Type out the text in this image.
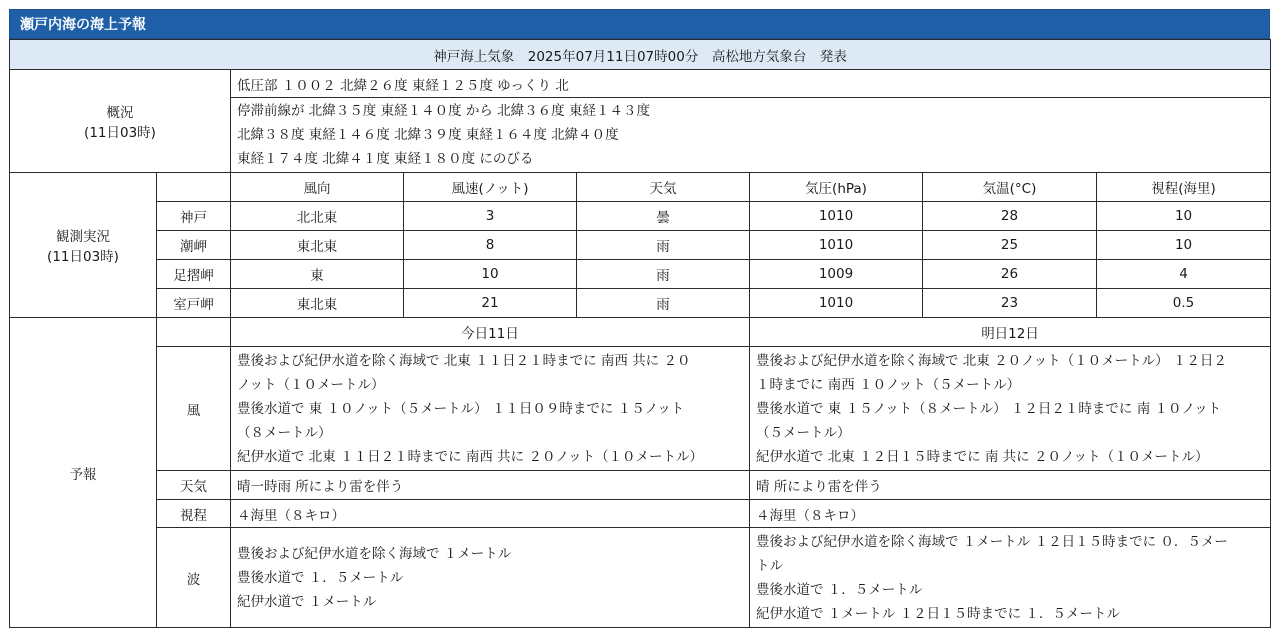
瀬戸内海の海上予報
神戸海上気象　2025年07月11日07時00分　高松地方気象台　発表							

概況
(11日03時)		低圧部 １００２ 北緯２６度 東経１２５度 ゆっくり 北					

		停滞前線が 北緯３５度 東経１４０度 から 北緯３６度 東経１４３度
北緯３８度 東経１４６度 北緯３９度 東経１６４度 北緯４０度
東経１７４度 北緯４１度 東経１８０度 にのびる					

観測実況
(11日03時)		風向	風速(ノット)	天気	気圧(hPa)	気温(°C)	視程(海里)
	神戸	北北東	3	曇	1010	28	10
	潮岬	東北東	8	雨	1010	25	10
	足摺岬	東	10	雨	1009	26	4
	室戸岬	東北東	21	雨	1010	23	0.5
予報		今日11日			明日12日		
	風	豊後および紀伊水道を除く海域で 北東 １１日２１時までに 南西 共に ２０
ノット（１０メートル）
豊後水道で 東 １０ノット（５メートル） １１日０９時までに １５ノット
（８メートル）
紀伊水道で 北東 １１日２１時までに 南西 共に ２０ノット（１０メートル）			豊後および紀伊水道を除く海域で 北東 ２０ノット（１０メートル） １２日２
１時までに 南西 １０ノット（５メートル）
豊後水道で 東 １５ノット（８メートル） １２日２１時までに 南 １０ノット
（５メートル）
紀伊水道で 北東 １２日１５時までに 南 共に ２０ノット（１０メートル）		

	天気	晴一時雨 所により雷を伴う			晴 所により雷を伴う		
	視程	４海里（８キロ）			４海里（８キロ）		
	波	豊後および紀伊水道を除く海域で １メートル
豊後水道で １．５メートル
紀伊水道で １メートル			豊後および紀伊水道を除く海域で １メートル １２日１５時までに ０．５メー
トル
豊後水道で １．５メートル
紀伊水道で １メートル １２日１５時までに １．５メートル		
